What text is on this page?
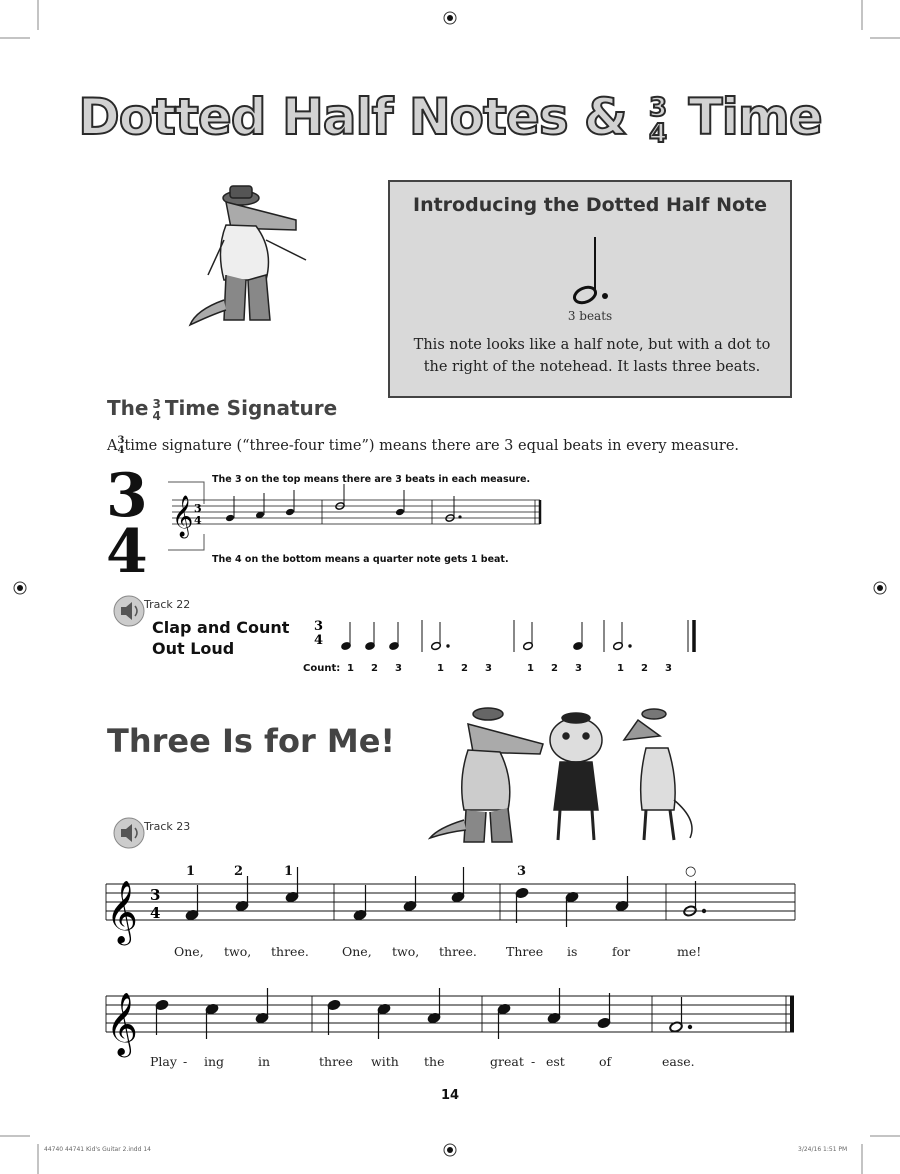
Dotted Half Notes & 3
4 Time
Introducing the Dotted Half Note
3 beats
This note looks like a half note, but with a dot to the right of the notehead. It lasts three beats.
The 3
4 Time Signature
A 3
4 time signature (“three-four time”) means there are 3 equal beats in every measure.
3
4
The 3 on the top means there are 3 beats in each measure.
The 4 on the bottom means a quarter note gets 1 beat.
𝄞 3
4
Track 22
Clap and Count
Out Loud
3
4
Count: 1 2 3	1 2 3	1 2 3	1 2 3
Three Is for Me!
Track 23
𝄞 3
4
1	2	1	3	○
One, two, three.	One, two, three. Three is	for	me!
𝄞
Play - ing	in	three with the	great - est	of	ease.
14
44740 44741 Kid's Guitar 2.indd 14	3/24/16 1:51 PM
